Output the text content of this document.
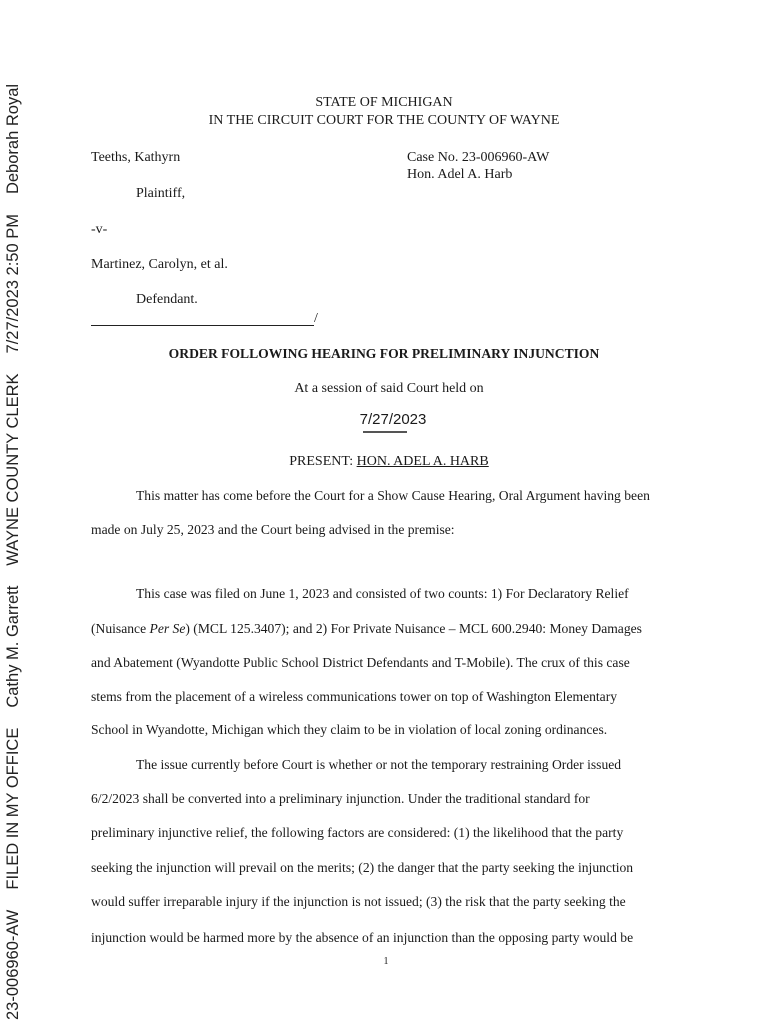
23-006960-AW
FILED IN MY OFFICE
Cathy M. Garrett
WAYNE COUNTY CLERK
7/27/2023 2:50 PM
Deborah Royal	STATE OF MICHIGAN
IN THE CIRCUIT COURT FOR THE COUNTY OF WAYNE
Teeths, Kathyrn
Plaintiff,
-v-
Martinez, Carolyn, et al.
Defendant.
/
Case No. 23-006960-AW
Hon. Adel A. Harb
ORDER FOLLOWING HEARING FOR PRELIMINARY INJUNCTION
At a session of said Court held on
7/27/2023
PRESENT: HON. ADEL A. HARB
This matter has come before the Court for a Show Cause Hearing, Oral Argument having been
made on July 25, 2023 and the Court being advised in the premise:
This case was filed on June 1, 2023 and consisted of two counts: 1) For Declaratory Relief
(Nuisance Per Se) (MCL 125.3407); and 2) For Private Nuisance – MCL 600.2940: Money Damages
and Abatement (Wyandotte Public School District Defendants and T-Mobile). The crux of this case
stems from the placement of a wireless communications tower on top of Washington Elementary
School in Wyandotte, Michigan which they claim to be in violation of local zoning ordinances.
The issue currently before Court is whether or not the temporary restraining Order issued
6/2/2023 shall be converted into a preliminary injunction. Under the traditional standard for
preliminary injunctive relief, the following factors are considered: (1) the likelihood that the party
seeking the injunction will prevail on the merits; (2) the danger that the party seeking the injunction
would suffer irreparable injury if the injunction is not issued; (3) the risk that the party seeking the
injunction would be harmed more by the absence of an injunction than the opposing party would be
1
